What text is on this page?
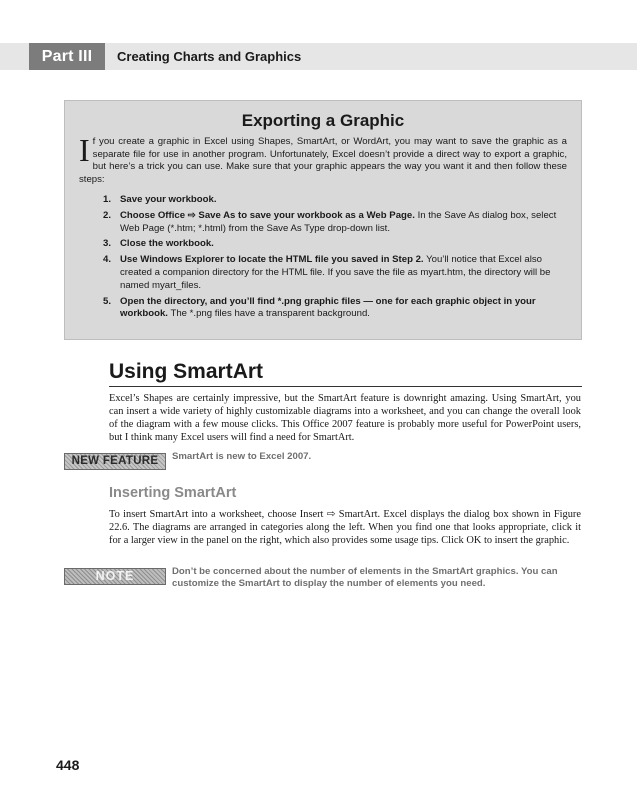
Part III	Creating Charts and Graphics
Exporting a Graphic

If you create a graphic in Excel using Shapes, SmartArt, or WordArt, you may want to save the graphic as a separate file for use in another program. Unfortunately, Excel doesn’t provide a direct way to export a graphic, but here’s a trick you can use. Make sure that your graphic appears the way you want it and then follow these steps:

1. Save your workbook.
2. Choose Office ⇨ Save As to save your workbook as a Web Page. In the Save As dialog box, select Web Page (*.htm; *.html) from the Save As Type drop-down list.
3. Close the workbook.
4. Use Windows Explorer to locate the HTML file you saved in Step 2. You’ll notice that Excel also created a companion directory for the HTML file. If you save the file as myart.htm, the directory will be named myart_files.
5. Open the directory, and you’ll find *.png graphic files — one for each graphic object in your workbook. The *.png files have a transparent background.
Using SmartArt

Excel’s Shapes are certainly impressive, but the SmartArt feature is downright amazing. Using SmartArt, you can insert a wide variety of highly customizable diagrams into a worksheet, and you can change the overall look of the diagram with a few mouse clicks. This Office 2007 feature is probably more useful for PowerPoint users, but I think many Excel users will find a need for SmartArt.

NEW FEATURE	SmartArt is new to Excel 2007.

Inserting SmartArt

To insert SmartArt into a worksheet, choose Insert ⇨ SmartArt. Excel displays the dialog box shown in Figure 22.6. The diagrams are arranged in categories along the left. When you find one that looks appropriate, click it for a larger view in the panel on the right, which also provides some usage tips. Click OK to insert the graphic.

NOTE	Don’t be concerned about the number of elements in the SmartArt graphics. You can customize the SmartArt to display the number of elements you need.

448
